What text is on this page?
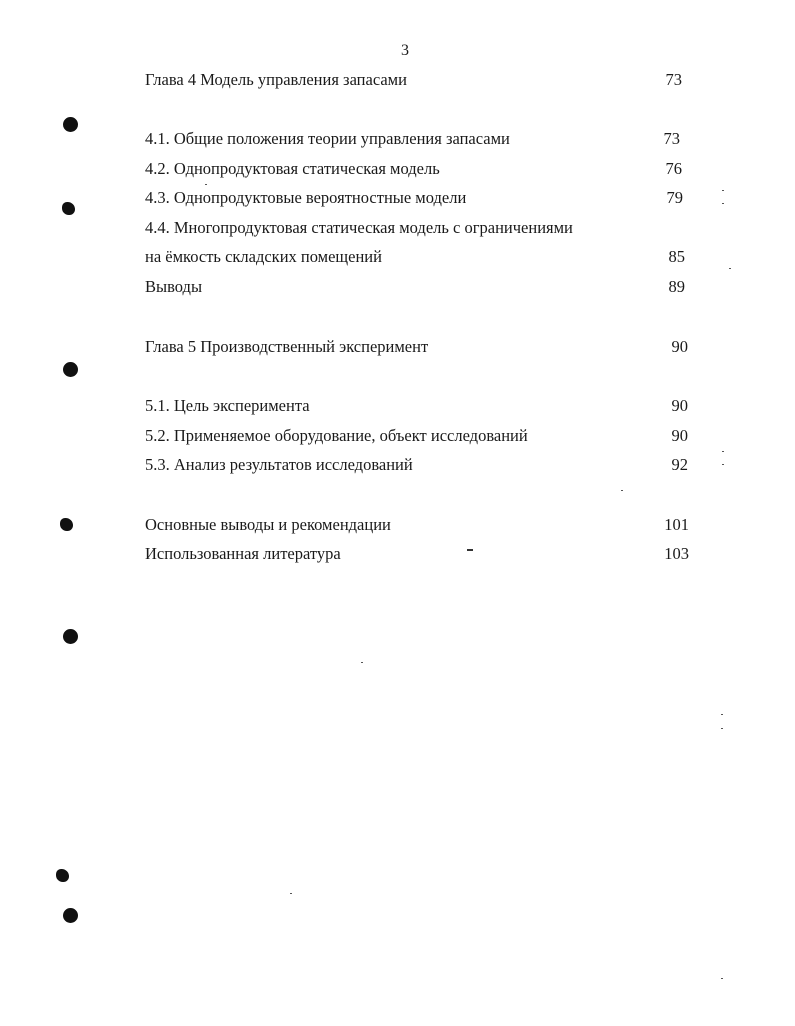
3
Глава 4 Модель управления запасами	73
4.1. Общие положения теории управления запасами	73
4.2. Однопродуктовая статическая модель	76
4.3. Однопродуктовые вероятностные модели	79
4.4. Многопродуктовая статическая модель с ограничениями
на ёмкость складских помещений	85
Выводы	89
Глава 5 Производственный эксперимент	90
5.1. Цель эксперимента	90
5.2. Применяемое оборудование, объект исследований	90
5.3. Анализ результатов исследований	92
Основные выводы и рекомендации	101
Использованная литература	103
